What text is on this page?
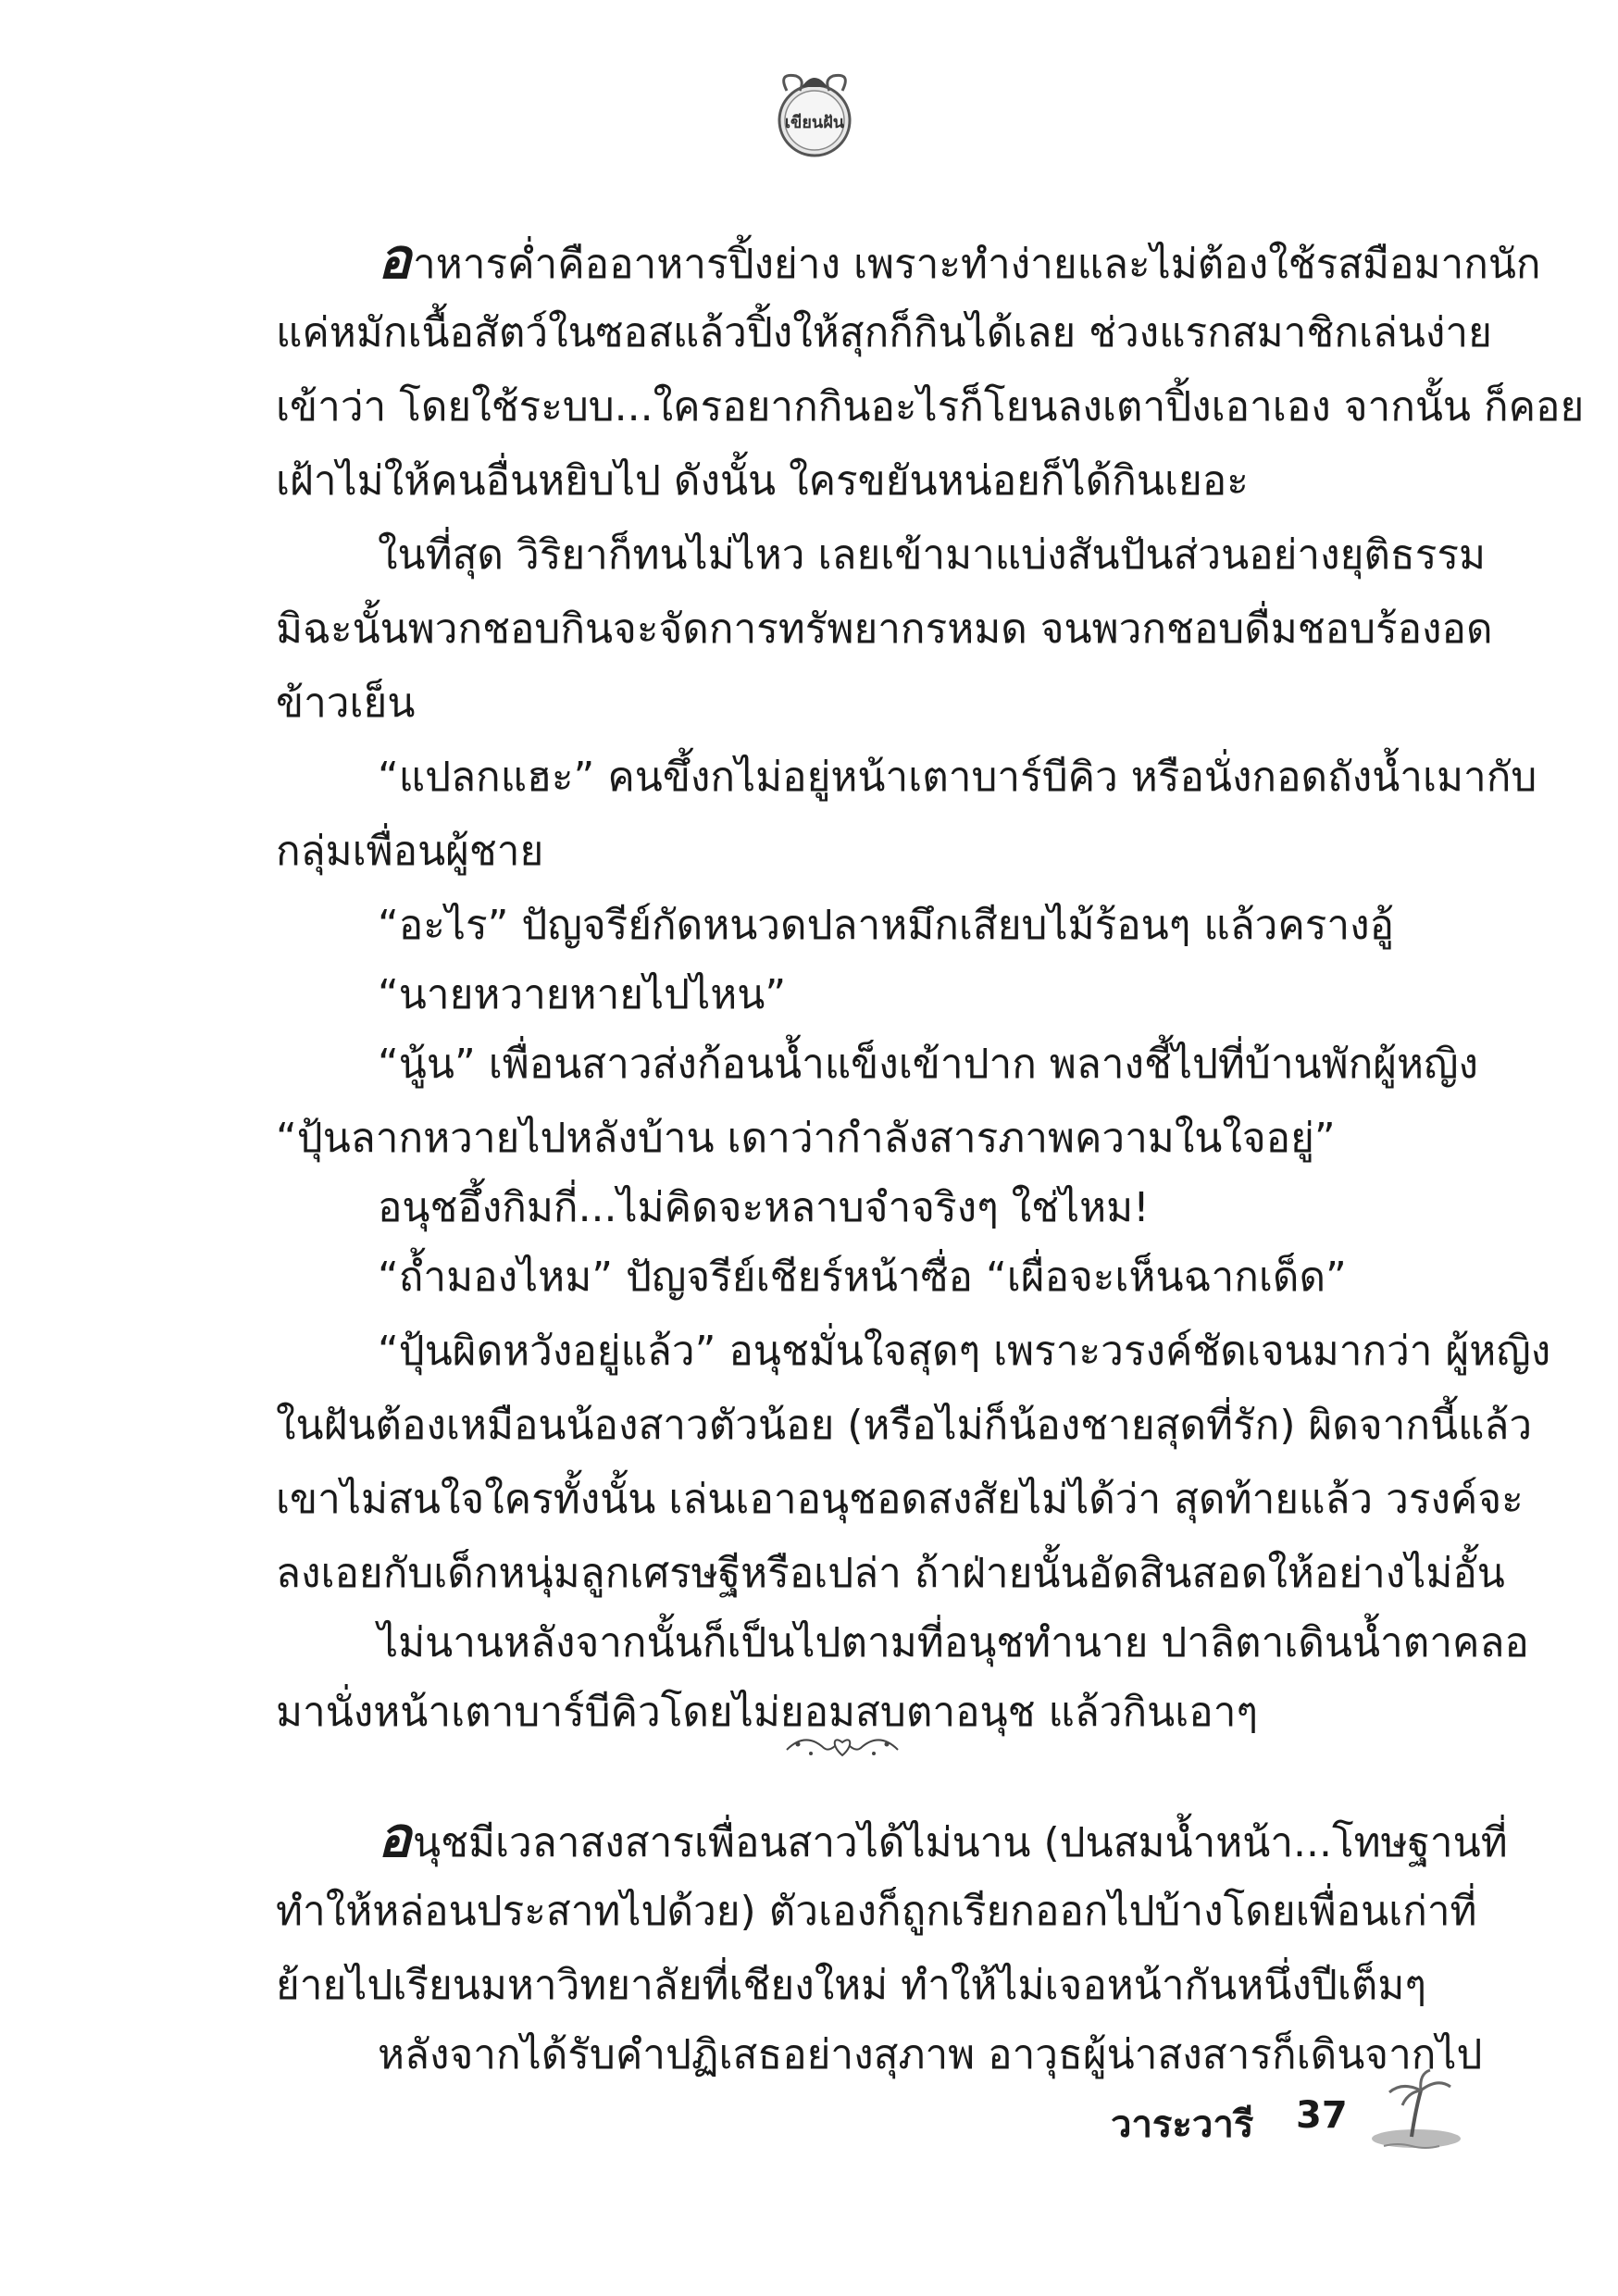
เขียนฝัน
อาหารค่ำคืออาหารปิ้งย่าง เพราะทำง่ายและไม่ต้องใช้รสมือมากนัก
แค่หมักเนื้อสัตว์ในซอสแล้วปิ้งให้สุกก็กินได้เลย ช่วงแรกสมาชิกเล่นง่าย
เข้าว่า โดยใช้ระบบ...ใครอยากกินอะไรก็โยนลงเตาปิ้งเอาเอง จากนั้น ก็คอย
เฝ้าไม่ให้คนอื่นหยิบไป ดังนั้น ใครขยันหน่อยก็ได้กินเยอะ
ในที่สุด วิริยาก็ทนไม่ไหว เลยเข้ามาแบ่งสันปันส่วนอย่างยุติธรรม
มิฉะนั้นพวกชอบกินจะจัดการทรัพยากรหมด จนพวกชอบดื่มชอบร้องอด
ข้าวเย็น
“แปลกแฮะ” คนขึ้งกไม่อยู่หน้าเตาบาร์บีคิว หรือนั่งกอดถังน้ำเมากับ
กลุ่มเพื่อนผู้ชาย
“อะไร” ปัญจรีย์กัดหนวดปลาหมึกเสียบไม้ร้อนๆ แล้วครางอู้
“นายหวายหายไปไหน”
“นู้น” เพื่อนสาวส่งก้อนน้ำแข็งเข้าปาก พลางชี้ไปที่บ้านพักผู้หญิง
“ปุ้นลากหวายไปหลังบ้าน เดาว่ากำลังสารภาพความในใจอยู่”
อนุชอึ้งกิมกี่...ไม่คิดจะหลาบจำจริงๆ ใช่ไหม!
“ถ้ำมองไหม” ปัญจรีย์เชียร์หน้าซื่อ “เผื่อจะเห็นฉากเด็ด”
“ปุ้นผิดหวังอยู่แล้ว” อนุชมั่นใจสุดๆ เพราะวรงค์ชัดเจนมากว่า ผู้หญิง
ในฝันต้องเหมือนน้องสาวตัวน้อย (หรือไม่ก็น้องชายสุดที่รัก) ผิดจากนี้แล้ว
เขาไม่สนใจใครทั้งนั้น เล่นเอาอนุชอดสงสัยไม่ได้ว่า สุดท้ายแล้ว วรงค์จะ
ลงเอยกับเด็กหนุ่มลูกเศรษฐีหรือเปล่า ถ้าฝ่ายนั้นอัดสินสอดให้อย่างไม่อั้น
ไม่นานหลังจากนั้นก็เป็นไปตามที่อนุชทำนาย ปาลิตาเดินน้ำตาคลอ
มานั่งหน้าเตาบาร์บีคิวโดยไม่ยอมสบตาอนุช แล้วกินเอาๆ
อนุชมีเวลาสงสารเพื่อนสาวได้ไม่นาน (ปนสมน้ำหน้า...โทษฐานที่
ทำให้หล่อนประสาทไปด้วย) ตัวเองก็ถูกเรียกออกไปบ้างโดยเพื่อนเก่าที่
ย้ายไปเรียนมหาวิทยาลัยที่เชียงใหม่ ทำให้ไม่เจอหน้ากันหนึ่งปีเต็มๆ
หลังจากได้รับคำปฏิเสธอย่างสุภาพ อาวุธผู้น่าสงสารก็เดินจากไป
วาระวารี 37
